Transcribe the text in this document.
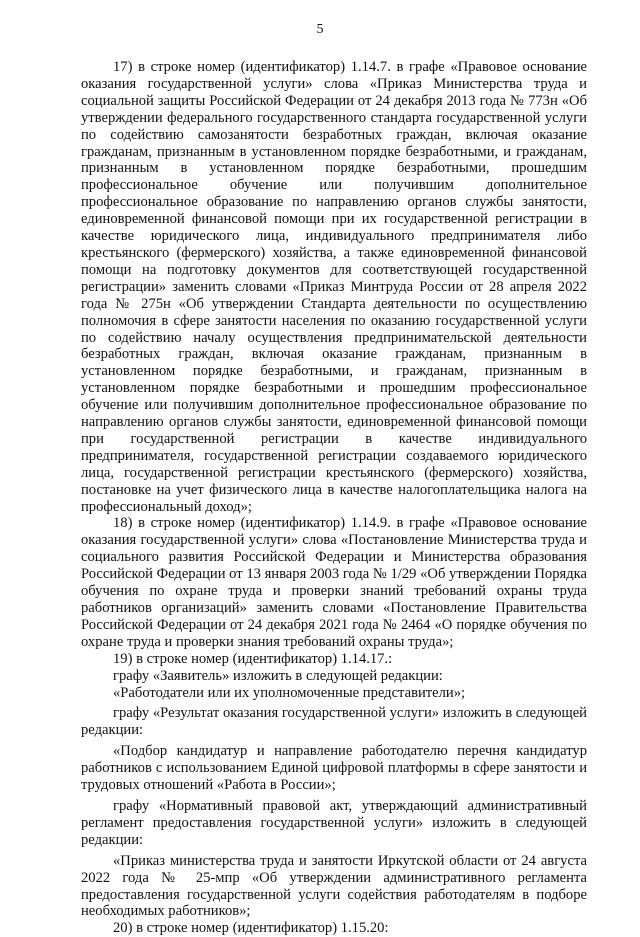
5

17) в строке номер (идентификатор) 1.14.7. в графе «Правовое основание оказания государственной услуги» слова «Приказ Министерства труда и социальной защиты Российской Федерации от 24 декабря 2013 года № 773н «Об утверждении федерального государственного стандарта государственной услуги по содействию самозанятости безработных граждан, включая оказание гражданам, признанным в установленном порядке безработными, и гражданам, признанным в установленном порядке безработными, прошедшим профессиональное обучение или получившим дополнительное профессиональное образование по направлению органов службы занятости, единовременной финансовой помощи при их государственной регистрации в качестве юридического лица, индивидуального предпринимателя либо крестьянского (фермерского) хозяйства, а также единовременной финансовой помощи на подготовку документов для соответствующей государственной регистрации» заменить словами «Приказ Минтруда России от 28 апреля 2022 года № 275н «Об утверждении Стандарта деятельности по осуществлению полномочия в сфере занятости населения по оказанию государственной услуги по содействию началу осуществления предпринимательской деятельности безработных граждан, включая оказание гражданам, признанным в установленном порядке безработными, и гражданам, признанным в установленном порядке безработными и прошедшим профессиональное обучение или получившим дополнительное профессиональное образование по направлению органов службы занятости, единовременной финансовой помощи при государственной регистрации в качестве индивидуального предпринимателя, государственной регистрации создаваемого юридического лица, государственной регистрации крестьянского (фермерского) хозяйства, постановке на учет физического лица в качестве налогоплательщика налога на профессиональный доход»;

18) в строке номер (идентификатор) 1.14.9. в графе «Правовое основание оказания государственной услуги» слова «Постановление Министерства труда и социального развития Российской Федерации и Министерства образования Российской Федерации от 13 января 2003 года № 1/29 «Об утверждении Порядка обучения по охране труда и проверки знаний требований охраны труда работников организаций» заменить словами «Постановление Правительства Российской Федерации от 24 декабря 2021 года № 2464 «О порядке обучения по охране труда и проверки знания требований охраны труда»;

19) в строке номер (идентификатор) 1.14.17.:

графу «Заявитель» изложить в следующей редакции:

«Работодатели или их уполномоченные представители»;

графу «Результат оказания государственной услуги» изложить в следующей редакции:

«Подбор кандидатур и направление работодателю перечня кандидатур работников с использованием Единой цифровой платформы в сфере занятости и трудовых отношений «Работа в России»;

графу «Нормативный правовой акт, утверждающий административный регламент предоставления государственной услуги» изложить в следующей редакции:

«Приказ министерства труда и занятости Иркутской области от 24 августа 2022 года № 25-мпр «Об утверждении административного регламента предоставления государственной услуги содействия работодателям в подборе необходимых работников»;

20) в строке номер (идентификатор) 1.15.20:
